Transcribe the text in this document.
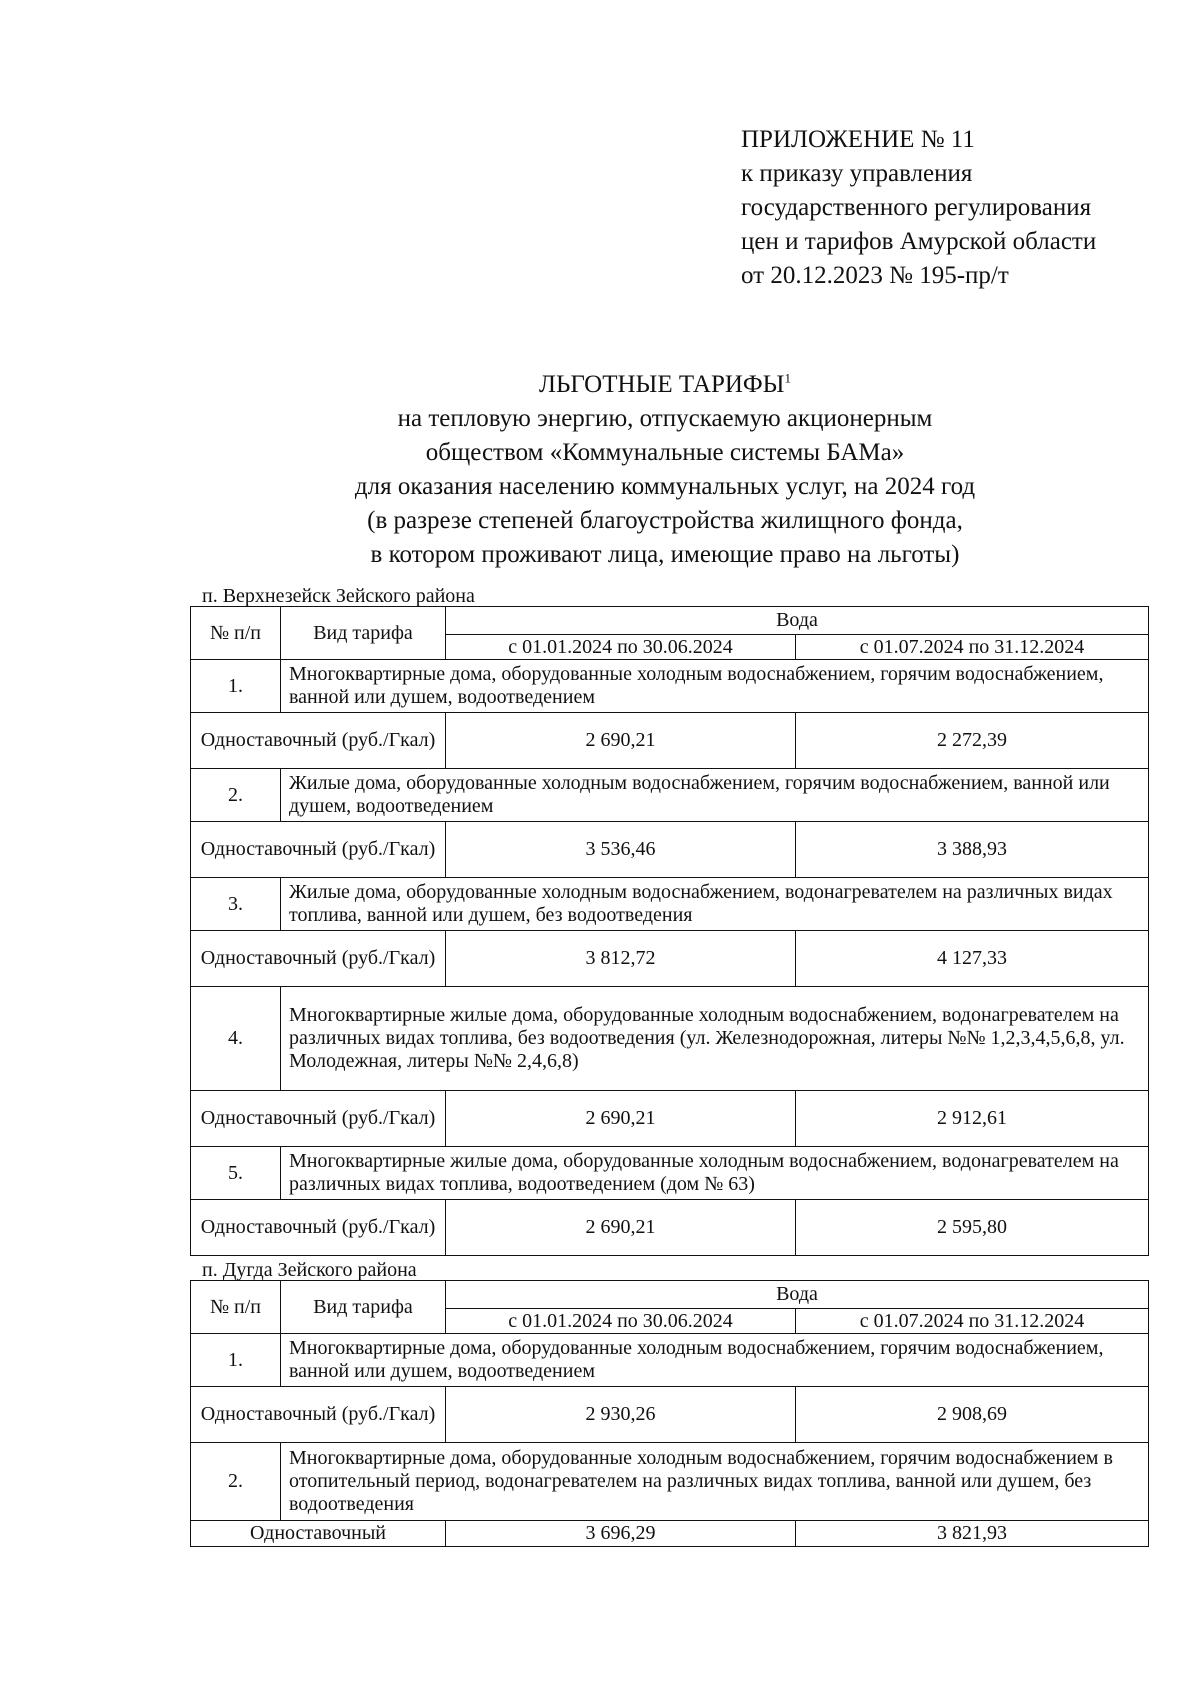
ПРИЛОЖЕНИЕ № 11
к приказу управления
государственного регулирования
цен и тарифов Амурской области
от 20.12.2023 № 195-пр/т
ЛЬГОТНЫЕ ТАРИФЫ$^1$
на тепловую энергию, отпускаемую акционерным
обществом «Коммунальные системы БАМа»
для оказания населению коммунальных услуг, на 2024 год
(в разрезе степеней благоустройства жилищного фонда,
в котором проживают лица, имеющие право на льготы)
п. Верхнезейск Зейского района
№ п/п	Вид тарифа	Вода	
		с 01.01.2024 по 30.06.2024	с 01.07.2024 по 31.12.2024
1.	Многоквартирные дома, оборудованные холодным водоснабжением, горячим водоснабжением, ванной или душем, водоотведением		
Одноставочный (руб./Гкал)		2 690,21	2 272,39
2.	Жилые дома, оборудованные холодным водоснабжением, горячим водоснабжением, ванной или душем, водоотведением		
Одноставочный (руб./Гкал)		3 536,46	3 388,93
3.	Жилые дома, оборудованные холодным водоснабжением, водонагревателем на различных видах топлива, ванной или душем, без водоотведения		
Одноставочный (руб./Гкал)		3 812,72	4 127,33
4.	Многоквартирные жилые дома, оборудованные холодным водоснабжением, водонагревателем на различных видах топлива, без водоотведения (ул. Железнодорожная, литеры №№ 1,2,3,4,5,6,8, ул. Молодежная, литеры №№ 2,4,6,8)		
Одноставочный (руб./Гкал)		2 690,21	2 912,61
5.	Многоквартирные жилые дома, оборудованные холодным водоснабжением, водонагревателем на различных видах топлива, водоотведением (дом № 63)		
Одноставочный (руб./Гкал)		2 690,21	2 595,80
п. Дугда Зейского района
№ п/п	Вид тарифа	Вода	
		с 01.01.2024 по 30.06.2024	с 01.07.2024 по 31.12.2024
1.	Многоквартирные дома, оборудованные холодным водоснабжением, горячим водоснабжением, ванной или душем, водоотведением		
Одноставочный (руб./Гкал)		2 930,26	2 908,69
2.	Многоквартирные дома, оборудованные холодным водоснабжением, горячим водоснабжением в отопительный период, водонагревателем на различных видах топлива, ванной или душем, без водоотведения		
Одноставочный		3 696,29	3 821,93
